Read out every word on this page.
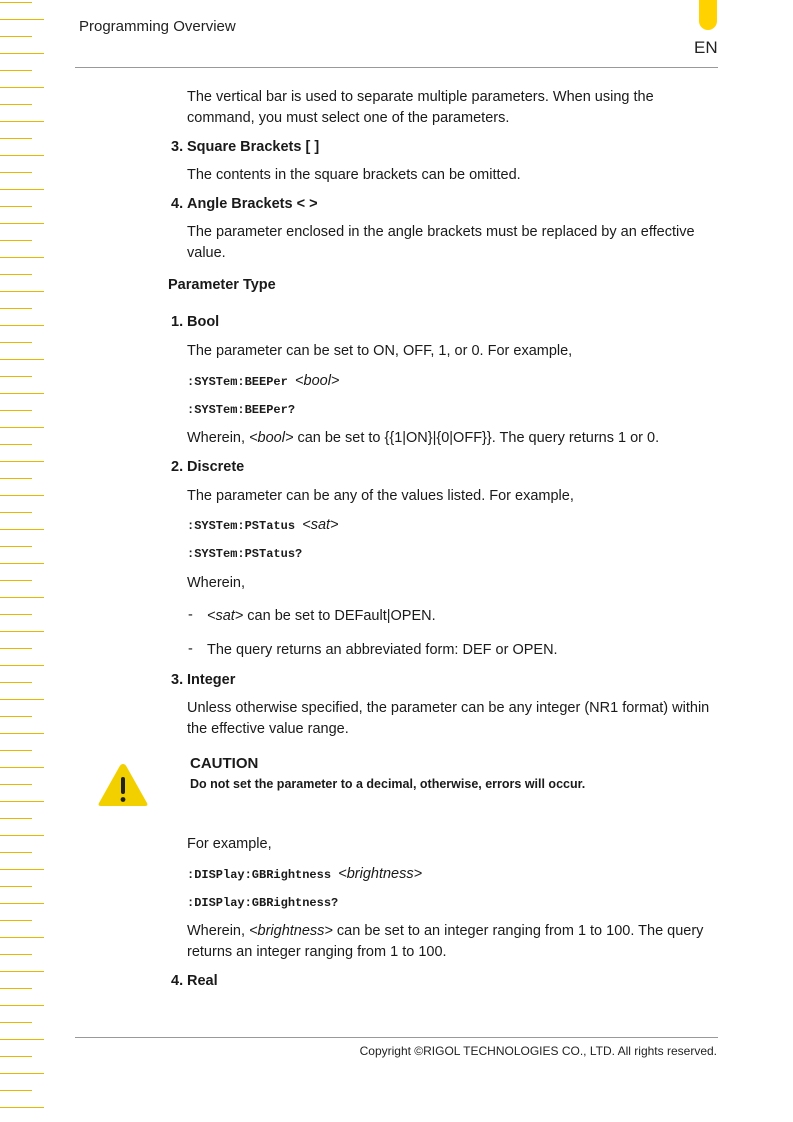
Programming Overview
EN
The vertical bar is used to separate multiple parameters. When using the
command, you must select one of the parameters.
3. Square Brackets [ ]
The contents in the square brackets can be omitted.
4. Angle Brackets < >
The parameter enclosed in the angle brackets must be replaced by an effective
value.
Parameter Type
1. Bool
The parameter can be set to ON, OFF, 1, or 0. For example,
:SYSTem:BEEPer <bool>
:SYSTem:BEEPer?
Wherein, <bool> can be set to {{1|ON}|{0|OFF}}. The query returns 1 or 0.
2. Discrete
The parameter can be any of the values listed. For example,
:SYSTem:PSTatus <sat>
:SYSTem:PSTatus?
Wherein,
- <sat> can be set to DEFault|OPEN.
- The query returns an abbreviated form: DEF or OPEN.
3. Integer
Unless otherwise specified, the parameter can be any integer (NR1 format) within
the effective value range.
CAUTION
Do not set the parameter to a decimal, otherwise, errors will occur.
For example,
:DISPlay:GBRightness <brightness>
:DISPlay:GBRightness?
Wherein, <brightness> can be set to an integer ranging from 1 to 100. The query
returns an integer ranging from 1 to 100.
4. Real
Copyright ©RIGOL TECHNOLOGIES CO., LTD. All rights reserved.
